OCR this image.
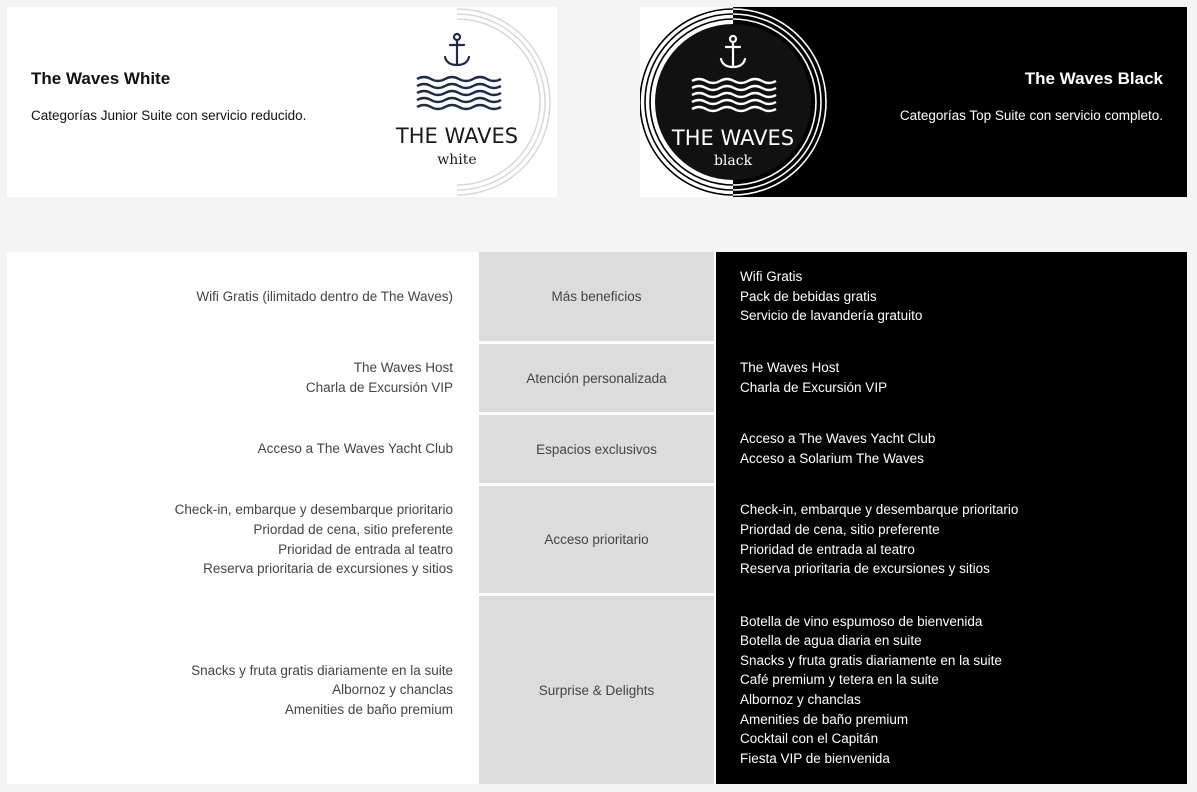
The Waves White
Categorías Junior Suite con servicio reducido.
THE WAVES
white
THE WAVES
black
The Waves Black
Categorías Top Suite con servicio completo.
Wifi Gratis (ilimitado dentro de The Waves)
The Waves Host
Charla de Excursión VIP
Acceso a The Waves Yacht Club
Check-in, embarque y desembarque prioritario
Priordad de cena, sitio preferente
Prioridad de entrada al teatro
Reserva prioritaria de excursiones y sitios
Snacks y fruta gratis diariamente en la suite
Albornoz y chanclas
Amenities de baño premium
Más beneficios
Atención personalizada
Espacios exclusivos
Acceso prioritario
Surprise & Delights
Wifi Gratis
Pack de bebidas gratis
Servicio de lavandería gratuito
The Waves Host
Charla de Excursión VIP
Acceso a The Waves Yacht Club
Acceso a Solarium The Waves
Check-in, embarque y desembarque prioritario
Priordad de cena, sitio preferente
Prioridad de entrada al teatro
Reserva prioritaria de excursiones y sitios
Botella de vino espumoso de bienvenida
Botella de agua diaria en suite
Snacks y fruta gratis diariamente en la suite
Café premium y tetera en la suite
Albornoz y chanclas
Amenities de baño premium
Cocktail con el Capitán
Fiesta VIP de bienvenida
